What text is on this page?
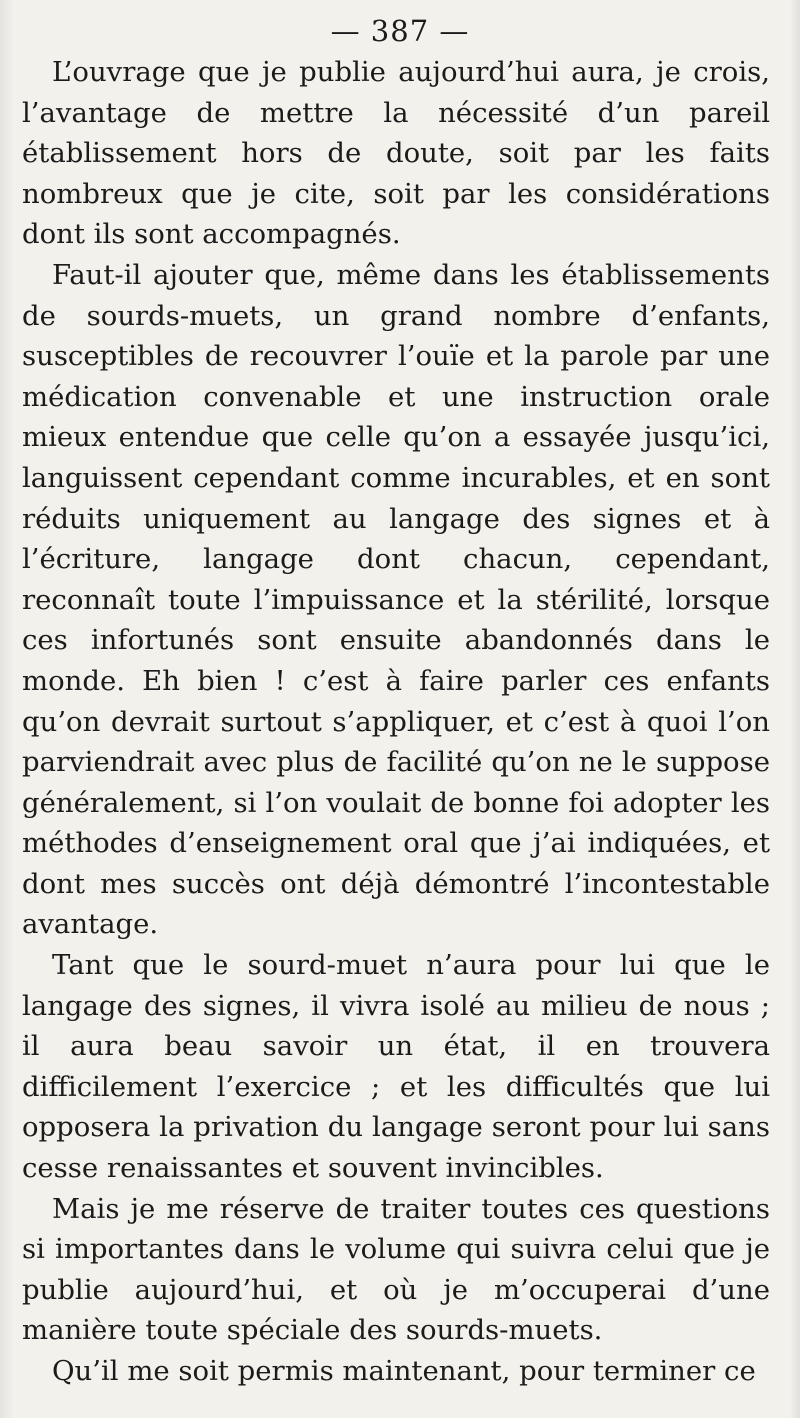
— 387 —

L’ouvrage que je publie aujourd’hui aura, je crois, l’avantage de mettre la nécessité d’un pareil établissement hors de doute, soit par les faits nombreux que je cite, soit par les considérations dont ils sont accompagnés.

Faut-il ajouter que, même dans les établissements de sourds-muets, un grand nombre d’enfants, susceptibles de recouvrer l’ouïe et la parole par une médication convenable et une instruction orale mieux entendue que celle qu’on a essayée jusqu’ici, languissent cependant comme incurables, et en sont réduits uniquement au langage des signes et à l’écriture, langage dont chacun, cependant, reconnaît toute l’impuissance et la stérilité, lorsque ces infortunés sont ensuite abandonnés dans le monde. Eh bien ! c’est à faire parler ces enfants qu’on devrait surtout s’appliquer, et c’est à quoi l’on parviendrait avec plus de facilité qu’on ne le suppose généralement, si l’on voulait de bonne foi adopter les méthodes d’enseignement oral que j’ai indiquées, et dont mes succès ont déjà démontré l’incontestable avantage.

Tant que le sourd-muet n’aura pour lui que le langage des signes, il vivra isolé au milieu de nous ; il aura beau savoir un état, il en trouvera difficilement l’exercice ; et les difficultés que lui opposera la privation du langage seront pour lui sans cesse renaissantes et souvent invincibles.

Mais je me réserve de traiter toutes ces questions si importantes dans le volume qui suivra celui que je publie aujourd’hui, et où je m’occuperai d’une manière toute spéciale des sourds-muets.

Qu’il me soit permis maintenant, pour terminer ce
